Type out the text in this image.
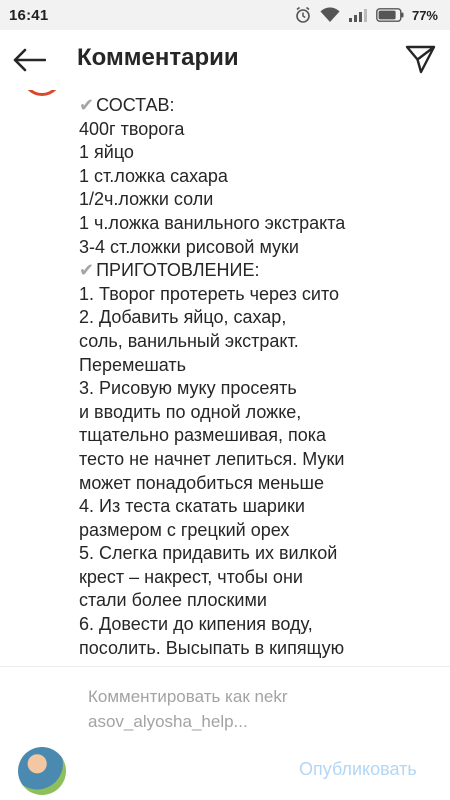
16:41	77%
Комментарии
✔ СОСТАВ:
400г творога
1 яйцо
1 ст.ложка сахара
1/2ч.ложки соли
1 ч.ложка ванильного экстракта
3-4 ст.ложки рисовой муки
✔ ПРИГОТОВЛЕНИЕ:
1. Творог протереть через сито
2. Добавить яйцо, сахар,
соль, ванильный экстракт.
Перемешать
3. Рисовую муку просеять
и вводить по одной ложке,
тщательно размешивая, пока
тесто не начнет лепиться. Муки
может понадобиться меньше
4. Из теста скатать шарики
размером с грецкий орех
5. Слегка придавить их вилкой
крест – накрест, чтобы они
стали более плоскими
6. Довести до кипения воду,
посолить. Высыпать в кипящую
Комментировать как nekrasov_alyosha_help...
Опубликовать
